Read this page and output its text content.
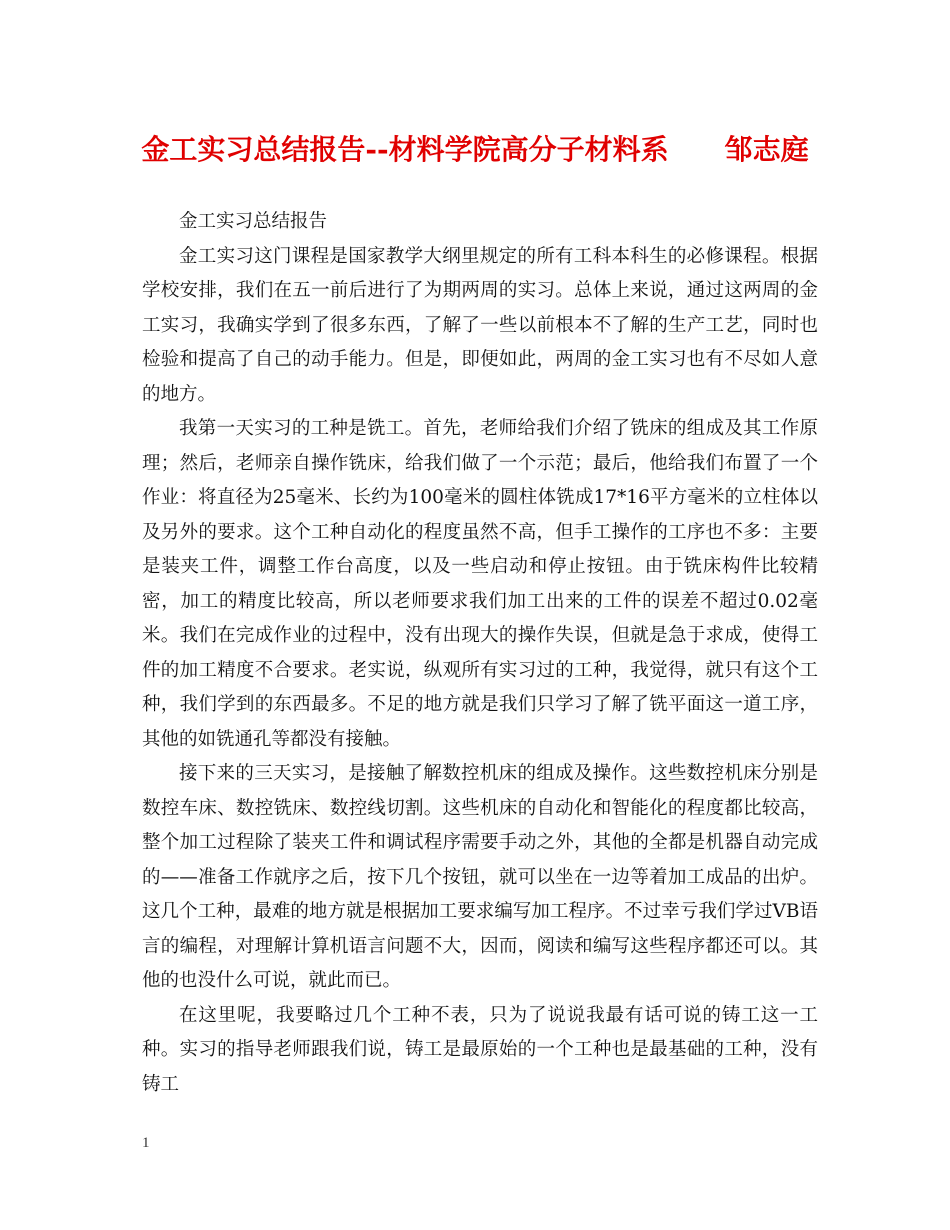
金工实习总结报告--材料学院高分子材料系　　邹志庭

金工实习总结报告

金工实习这门课程是国家教学大纲里规定的所有工科本科生的必修课程。根据学校安排，我们在五一前后进行了为期两周的实习。总体上来说，通过这两周的金工实习，我确实学到了很多东西，了解了一些以前根本不了解的生产工艺，同时也检验和提高了自己的动手能力。但是，即便如此，两周的金工实习也有不尽如人意的地方。

我第一天实习的工种是铣工。首先，老师给我们介绍了铣床的组成及其工作原理；然后，老师亲自操作铣床，给我们做了一个示范；最后，他给我们布置了一个作业：将直径为25毫米、长约为100毫米的圆柱体铣成17*16平方毫米的立柱体以及另外的要求。这个工种自动化的程度虽然不高，但手工操作的工序也不多：主要是装夹工件，调整工作台高度，以及一些启动和停止按钮。由于铣床构件比较精密，加工的精度比较高，所以老师要求我们加工出来的工件的误差不超过0.02毫米。我们在完成作业的过程中，没有出现大的操作失误，但就是急于求成，使得工件的加工精度不合要求。老实说，纵观所有实习过的工种，我觉得，就只有这个工种，我们学到的东西最多。不足的地方就是我们只学习了解了铣平面这一道工序，其他的如铣通孔等都没有接触。

接下来的三天实习，是接触了解数控机床的组成及操作。这些数控机床分别是数控车床、数控铣床、数控线切割。这些机床的自动化和智能化的程度都比较高，整个加工过程除了装夹工件和调试程序需要手动之外，其他的全都是机器自动完成的——准备工作就序之后，按下几个按钮，就可以坐在一边等着加工成品的出炉。这几个工种，最难的地方就是根据加工要求编写加工程序。不过幸亏我们学过VB语言的编程，对理解计算机语言问题不大，因而，阅读和编写这些程序都还可以。其他的也没什么可说，就此而已。

在这里呢，我要略过几个工种不表，只为了说说我最有话可说的铸工这一工种。实习的指导老师跟我们说，铸工是最原始的一个工种也是最基础的工种，没有铸工

1
